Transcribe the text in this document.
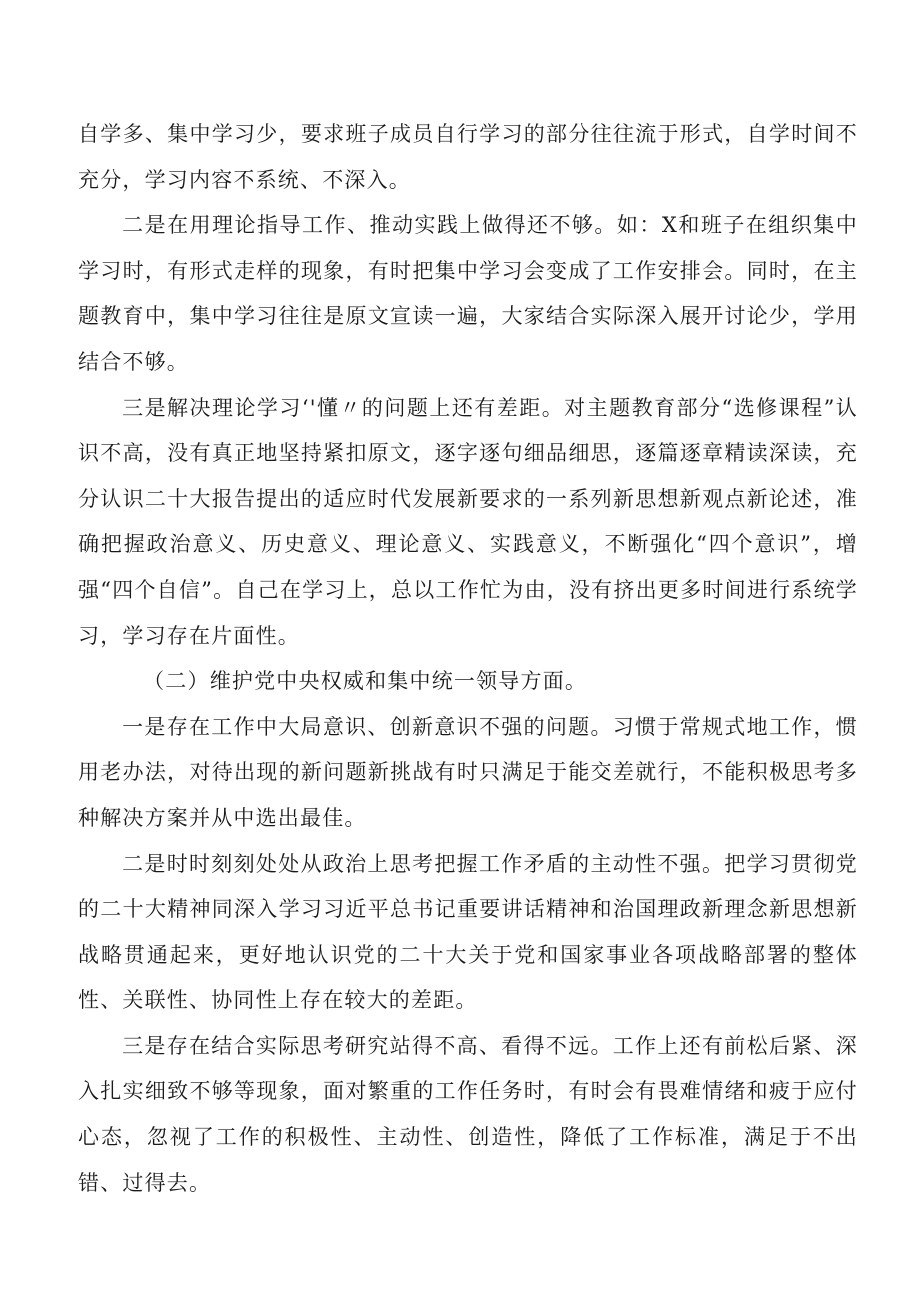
自学多、集中学习少，要求班子成员自行学习的部分往往流于形式，自学时间不充分，学习内容不系统、不深入。

二是在用理论指导工作、推动实践上做得还不够。如：X和班子在组织集中学习时，有形式走样的现象，有时把集中学习会变成了工作安排会。同时，在主题教育中，集中学习往往是原文宣读一遍，大家结合实际深入展开讨论少，学用结合不够。

三是解决理论学习‘'懂〃的问题上还有差距。对主题教育部分“选修课程”认识不高，没有真正地坚持紧扣原文，逐字逐句细品细思，逐篇逐章精读深读，充分认识二十大报告提出的适应时代发展新要求的一系列新思想新观点新论述，准确把握政治意义、历史意义、理论意义、实践意义，不断强化“四个意识”，增强“四个自信”。自己在学习上，总以工作忙为由，没有挤出更多时间进行系统学习，学习存在片面性。

（二）维护党中央权威和集中统一领导方面。

一是存在工作中大局意识、创新意识不强的问题。习惯于常规式地工作，惯用老办法，对待出现的新问题新挑战有时只满足于能交差就行，不能积极思考多种解决方案并从中选出最佳。

二是时时刻刻处处从政治上思考把握工作矛盾的主动性不强。把学习贯彻党的二十大精神同深入学习习近平总书记重要讲话精神和治国理政新理念新思想新战略贯通起来，更好地认识党的二十大关于党和国家事业各项战略部署的整体性、关联性、协同性上存在较大的差距。

三是存在结合实际思考研究站得不高、看得不远。工作上还有前松后紧、深入扎实细致不够等现象，面对繁重的工作任务时，有时会有畏难情绪和疲于应付心态，忽视了工作的积极性、主动性、创造性，降低了工作标准，满足于不出错、过得去。
